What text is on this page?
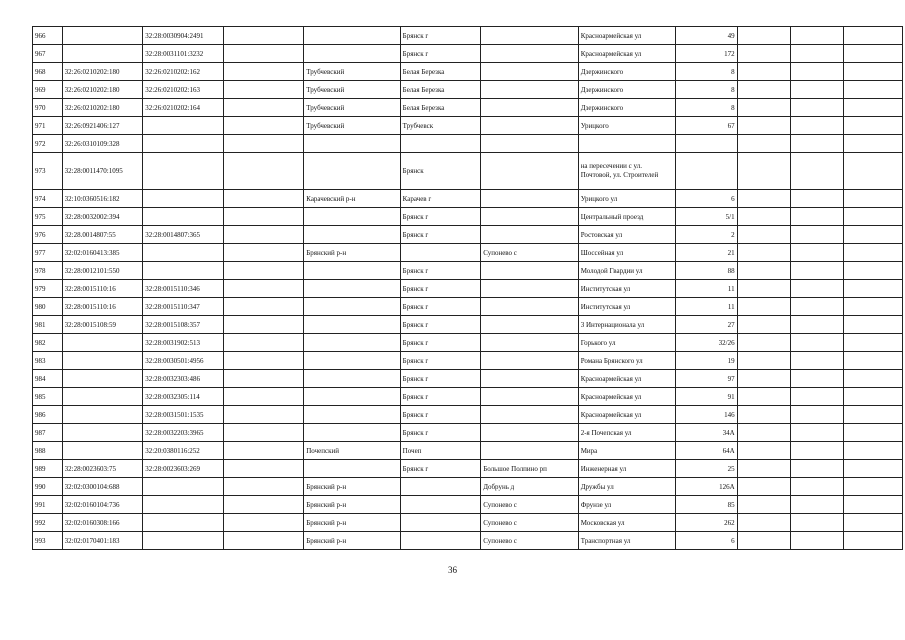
966		32:28:0030904:2491			Брянск г		Красноармейская ул	49			
967		32:28:0031101:3232			Брянск г		Красноармейская ул	172			
968	32:26:0210202:180	32:26:0210202:162		Трубчевский	Белая Березка		Дзержинского	8			
969	32:26:0210202:180	32:26:0210202:163		Трубчевский	Белая Березка		Дзержинского	8			
970	32:26:0210202:180	32:26:0210202:164		Трубчевский	Белая Березка		Дзержинского	8			
971	32:26:0921406:127			Трубчевский	Трубчевск		Урицкого	67			
972	32:26:0310109:328										
973	32:28:0011470:1095				Брянск		на пересечении с ул. Почтовой, ул. Строителей				
974	32:10:0360516:182			Карачевский р-н	Карачев г		Урицкого ул	6			
975	32:28:0032002:394				Брянск г		Центральный проезд	5/1			
976	32:28.0014807:55	32:28:0014807:365			Брянск г		Ростовская ул	2			
977	32:02:0160413:385			Брянский р-н		Супонево с	Шоссейная ул	21			
978	32:28:0012101:550				Брянск г		Молодой Гвардии ул	88			
979	32:28:0015110:16	32:28:0015110:346			Брянск г		Институтская ул	11			
980	32:28:0015110:16	32:28:0015110:347			Брянск г		Институтская ул	11			
981	32:28:0015108:59	32:28:0015108:357			Брянск г		3 Интернационала ул	27			
982		32:28:0031902:513			Брянск г		Горького ул	32/26			
983		32:28:0030501:4956			Брянск г		Романа Брянского ул	19			
984		32:28:0032303:486			Брянск г		Красноармейская ул	97			
985		32:28:0032305:114			Брянск г		Красноармейская ул	91			
986		32:28:0031501:1535			Брянск г		Красноармейская ул	146			
987		32:28:0032203:3965			Брянск г		2-я Почепская ул	34А			
988		32:20:0380116:252		Почепский	Почеп		Мира	64А			
989	32:28:0023603:75	32:28:0023603:269			Брянск г	Большое Полпино рп	Инженерная ул	25			
990	32:02:0300104:688			Брянский р-н		Добрунь д	Дружбы ул	126А			
991	32:02:0160104:736			Брянский р-н		Супонево с	Фрунзе ул	85			
992	32:02:0160308:166			Брянский р-н		Супонево с	Московская ул	262			
993	32:02:0170401:183			Брянский р-н		Супонево с	Транспортная ул	6			
36
